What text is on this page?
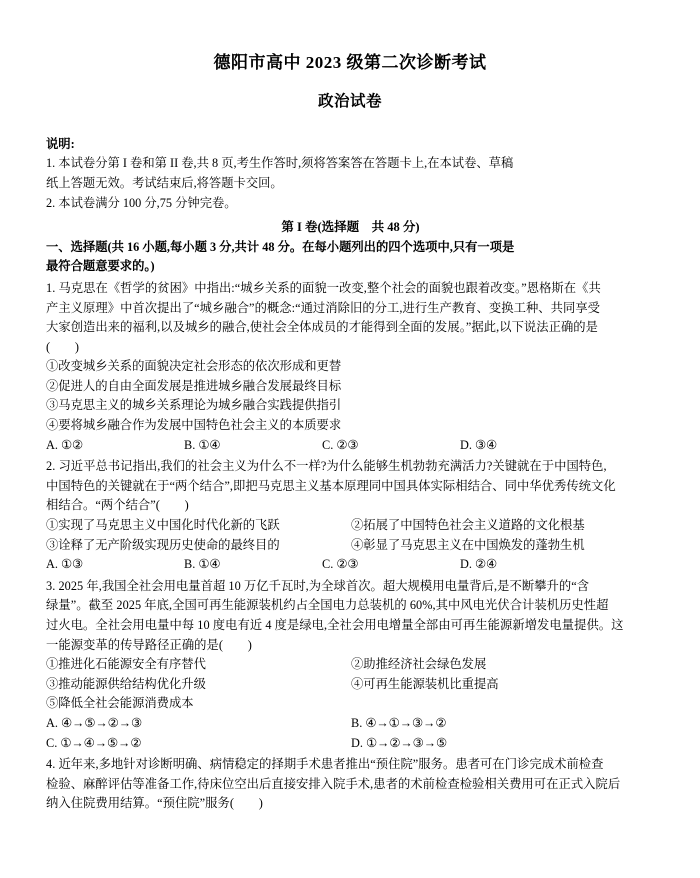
德阳市高中 2023 级第二次诊断考试
政治试卷
说明:
1. 本试卷分第 I 卷和第 II 卷,共 8 页,考生作答时,须将答案答在答题卡上,在本试卷、草稿
纸上答题无效。考试结束后,将答题卡交回。
2. 本试卷满分 100 分,75 分钟完卷。
第 I 卷(选择题　共 48 分)
一、选择题(共 16 小题,每小题 3 分,共计 48 分。在每小题列出的四个选项中,只有一项是
最符合题意要求的。)
1. 马克思在《哲学的贫困》中指出:“城乡关系的面貌一改变,整个社会的面貌也跟着改变。”恩格斯在《共
产主义原理》中首次提出了“城乡融合”的概念:“通过消除旧的分工,进行生产教育、变换工种、共同享受
大家创造出来的福利,以及城乡的融合,使社会全体成员的才能得到全面的发展。”据此,以下说法正确的是
(　　)
①改变城乡关系的面貌决定社会形态的依次形成和更替
②促进人的自由全面发展是推进城乡融合发展最终目标
③马克思主义的城乡关系理论为城乡融合实践提供指引
④要将城乡融合作为发展中国特色社会主义的本质要求
A. ①②	B. ①④	C. ②③	D. ③④
2. 习近平总书记指出,我们的社会主义为什么不一样?为什么能够生机勃勃充满活力?关键就在于中国特色,
中国特色的关键就在于“两个结合”,即把马克思主义基本原理同中国具体实际相结合、同中华优秀传统文化
相结合。“两个结合”(　　)
①实现了马克思主义中国化时代化新的飞跃	②拓展了中国特色社会主义道路的文化根基
③诠释了无产阶级实现历史使命的最终目的	④彰显了马克思主义在中国焕发的蓬勃生机
A. ①③	B. ①④	C. ②③	D. ②④
3. 2025 年,我国全社会用电量首超 10 万亿千瓦时,为全球首次。超大规模用电量背后,是不断攀升的“含
绿量”。截至 2025 年底,全国可再生能源装机约占全国电力总装机的 60%,其中风电光伏合计装机历史性超
过火电。全社会用电量中每 10 度电有近 4 度是绿电,全社会用电增量全部由可再生能源新增发电量提供。这
一能源变革的传导路径正确的是(　　)
①推进化石能源安全有序替代	②助推经济社会绿色发展
③推动能源供给结构优化升级	④可再生能源装机比重提高
⑤降低全社会能源消费成本
A. ④→⑤→②→③	B. ④→①→③→②
C. ①→④→⑤→②	D. ①→②→③→⑤
4. 近年来,多地针对诊断明确、病情稳定的择期手术患者推出“预住院”服务。患者可在门诊完成术前检查
检验、麻醉评估等准备工作,待床位空出后直接安排入院手术,患者的术前检查检验相关费用可在正式入院后
纳入住院费用结算。“预住院”服务(　　)
